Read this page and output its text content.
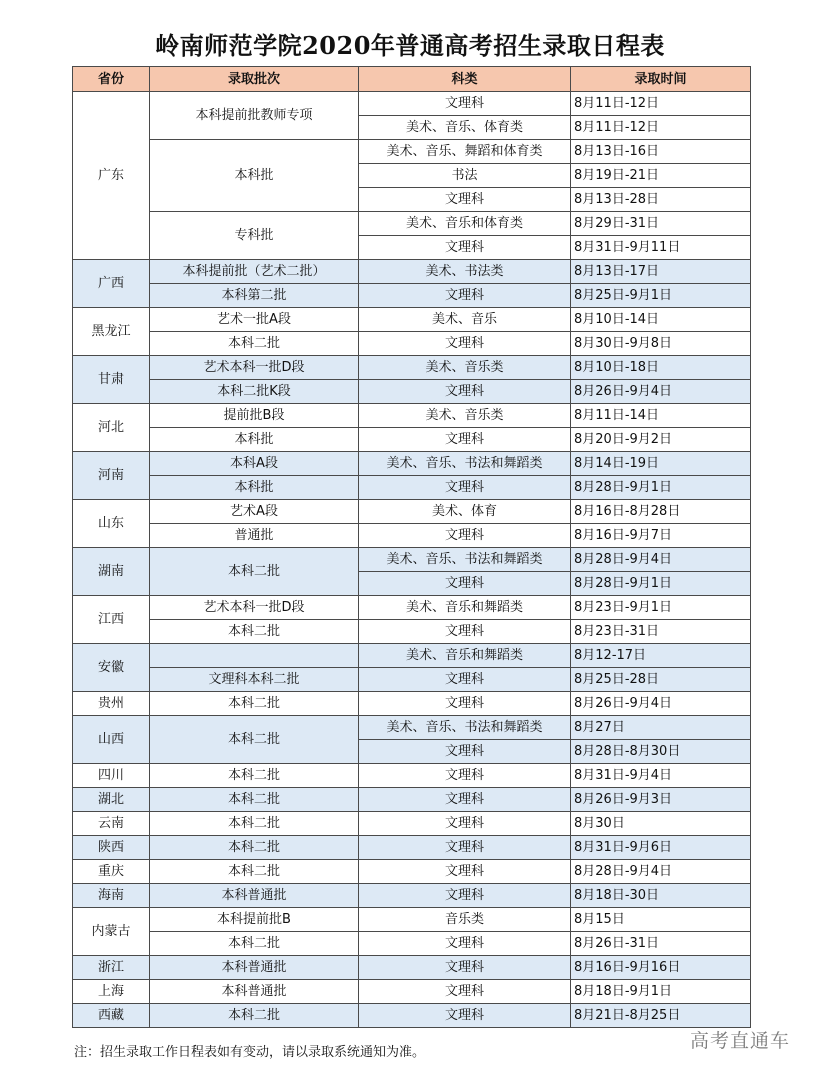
岭南师范学院2020年普通高考招生录取日程表
省份	录取批次	科类	录取时间
广东	本科提前批教师专项	文理科	8月11日-12日
		美术、音乐、体育类	8月11日-12日
	本科批	美术、音乐、舞蹈和体育类	8月13日-16日
		书法	8月19日-21日
		文理科	8月13日-28日
	专科批	美术、音乐和体育类	8月29日-31日
		文理科	8月31日-9月11日
广西	本科提前批（艺术二批）	美术、书法类	8月13日-17日
	本科第二批	文理科	8月25日-9月1日
黑龙江	艺术一批A段	美术、音乐	8月10日-14日
	本科二批	文理科	8月30日-9月8日
甘肃	艺术本科一批D段	美术、音乐类	8月10日-18日
	本科二批K段	文理科	8月26日-9月4日
河北	提前批B段	美术、音乐类	8月11日-14日
	本科批	文理科	8月20日-9月2日
河南	本科A段	美术、音乐、书法和舞蹈类	8月14日-19日
	本科批	文理科	8月28日-9月1日
山东	艺术A段	美术、体育	8月16日-8月28日
	普通批	文理科	8月16日-9月7日
湖南	本科二批	美术、音乐、书法和舞蹈类	8月28日-9月4日
		文理科	8月28日-9月1日
江西	艺术本科一批D段	美术、音乐和舞蹈类	8月23日-9月1日
	本科二批	文理科	8月23日-31日
安徽		美术、音乐和舞蹈类	8月12-17日
	文理科本科二批	文理科	8月25日-28日
贵州	本科二批	文理科	8月26日-9月4日
山西	本科二批	美术、音乐、书法和舞蹈类	8月27日
		文理科	8月28日-8月30日
四川	本科二批	文理科	8月31日-9月4日
湖北	本科二批	文理科	8月26日-9月3日
云南	本科二批	文理科	8月30日
陕西	本科二批	文理科	8月31日-9月6日
重庆	本科二批	文理科	8月28日-9月4日
海南	本科普通批	文理科	8月18日-30日
内蒙古	本科提前批B	音乐类	8月15日
	本科二批	文理科	8月26日-31日
浙江	本科普通批	文理科	8月16日-9月16日
上海	本科普通批	文理科	8月18日-9月1日
西藏	本科二批	文理科	8月21日-8月25日
注：招生录取工作日程表如有变动，请以录取系统通知为准。
高考直通车
